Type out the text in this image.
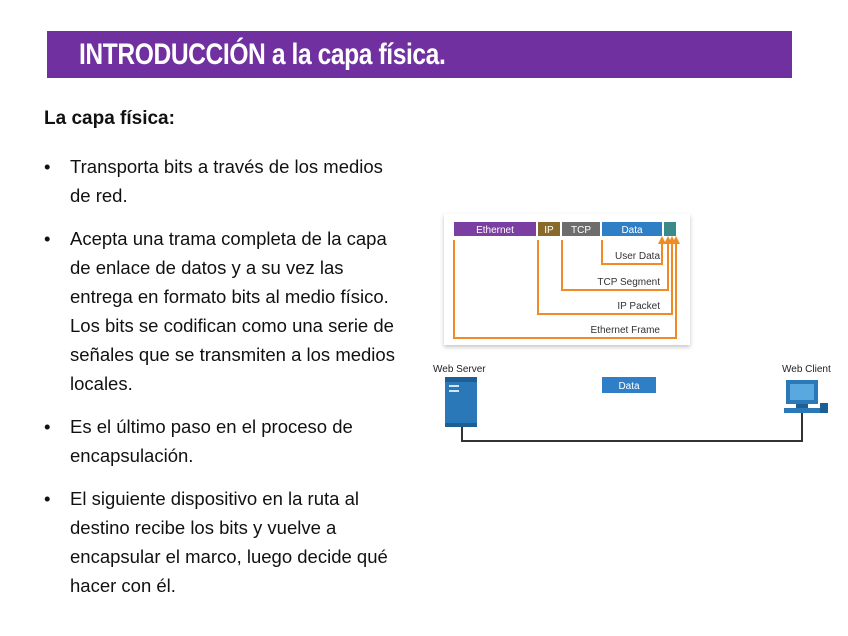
INTRODUCCIÓN a la capa física.
La capa física:
• Transporta bits a través de los medios de red.
• Acepta una trama completa de la capa de enlace de datos y a su vez las entrega en formato bits al medio físico. Los bits se codifican como una serie de señales que se transmiten a los medios locales.
• Es el último paso en el proceso de encapsulación.
• El siguiente dispositivo en la ruta al destino recibe los bits y vuelve a encapsular el marco, luego decide qué hacer con él.
Ethernet	IP TCP	Data
User Data
TCP Segment
IP Packet
Ethernet Frame
Web Server	Web Client
Data
